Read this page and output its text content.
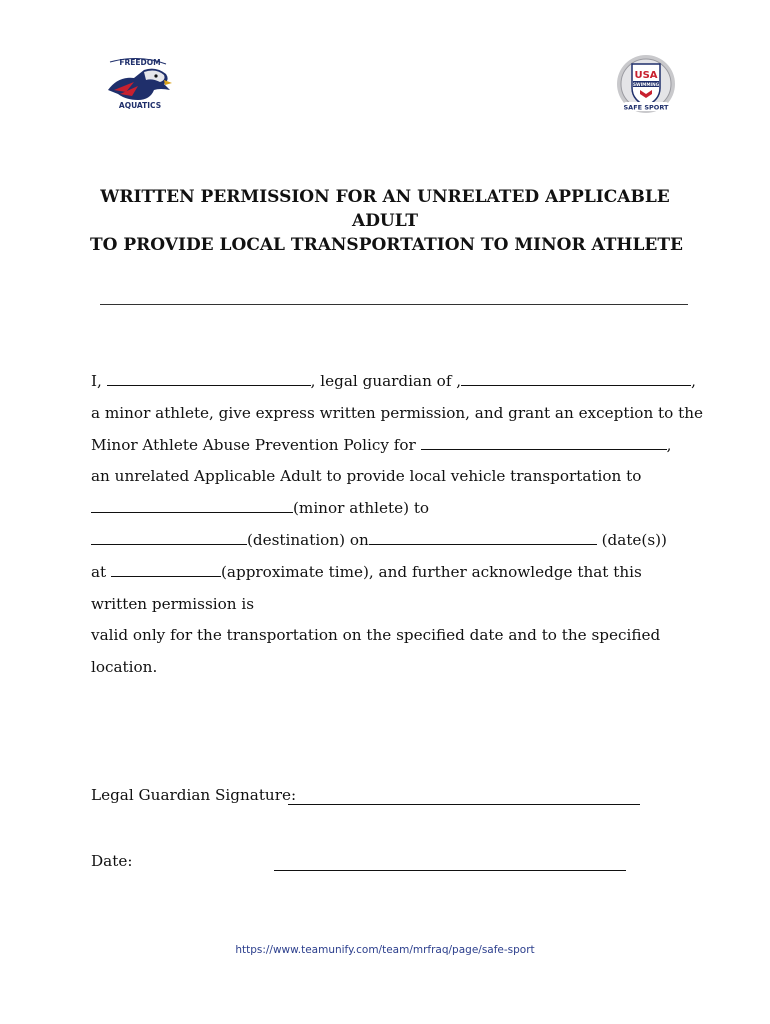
FREEDOM
AQUATICS
USA
SWIMMING
SAFE SPORT
WRITTEN PERMISSION FOR AN UNRELATED APPLICABLE
ADULT
TO PROVIDE LOCAL TRANSPORTATION TO MINOR ATHLETE
I,	, legal guardian of ,	,
a minor athlete, give express written permission, and grant an exception to the
Minor Athlete Abuse Prevention Policy for	,
an unrelated Applicable Adult to provide local vehicle transportation to
(minor athlete) to
(destination) on	(date(s))
at	(approximate time), and further acknowledge that this
written permission is
valid only for the transportation on the specified date and to the specified
location.
Legal Guardian Signature:
Date:
https://www.teamunify.com/team/mrfraq/page/safe-sport
